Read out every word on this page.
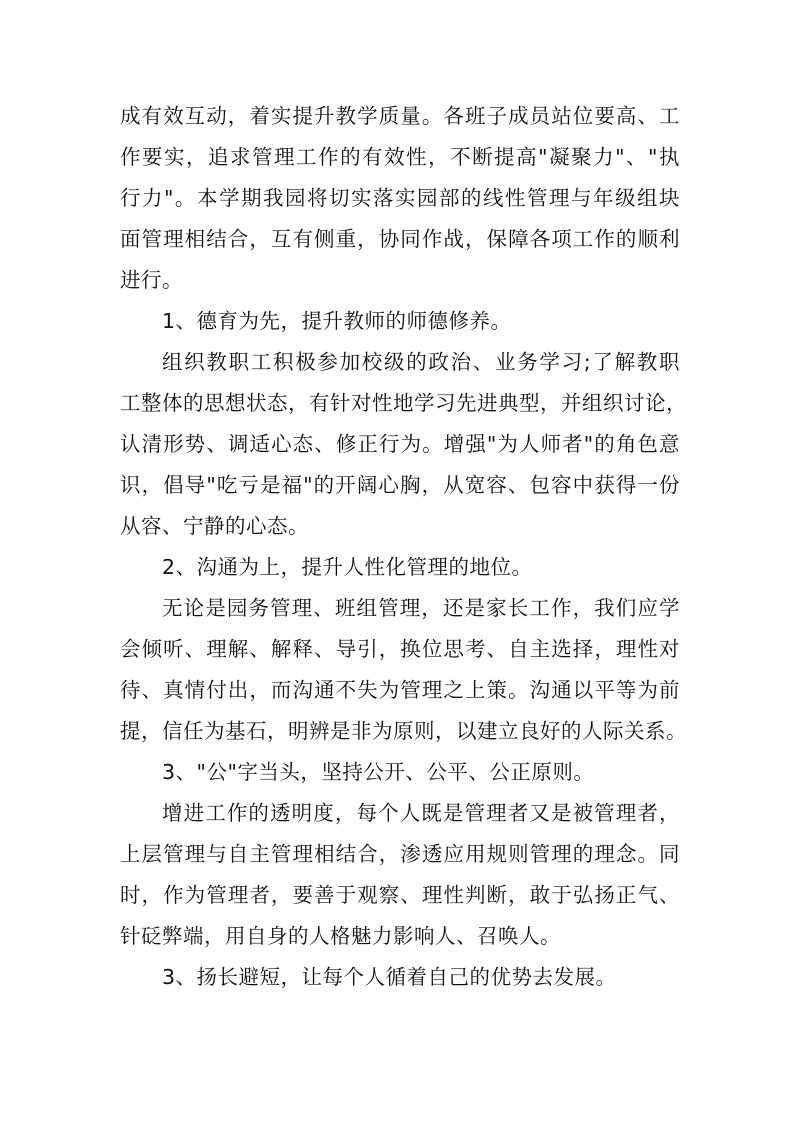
成有效互动，着实提升教学质量。各班子成员站位要高、工
作要实，追求管理工作的有效性，不断提高"凝聚力"、"执
行力"。本学期我园将切实落实园部的线性管理与年级组块
面管理相结合，互有侧重，协同作战，保障各项工作的顺利
进行。
1、德育为先，提升教师的师德修养。
组织教职工积极参加校级的政治、业务学习;了解教职
工整体的思想状态，有针对性地学习先进典型，并组织讨论，
认清形势、调适心态、修正行为。增强"为人师者"的角色意
识，倡导"吃亏是福"的开阔心胸，从宽容、包容中获得一份
从容、宁静的心态。
2、沟通为上，提升人性化管理的地位。
无论是园务管理、班组管理，还是家长工作，我们应学
会倾听、理解、解释、导引，换位思考、自主选择，理性对
待、真情付出，而沟通不失为管理之上策。沟通以平等为前
提，信任为基石，明辨是非为原则，以建立良好的人际关系。
3、"公"字当头，坚持公开、公平、公正原则。
增进工作的透明度，每个人既是管理者又是被管理者，
上层管理与自主管理相结合，渗透应用规则管理的理念。同
时，作为管理者，要善于观察、理性判断，敢于弘扬正气、
针砭弊端，用自身的人格魅力影响人、召唤人。
3、扬长避短，让每个人循着自己的优势去发展。
